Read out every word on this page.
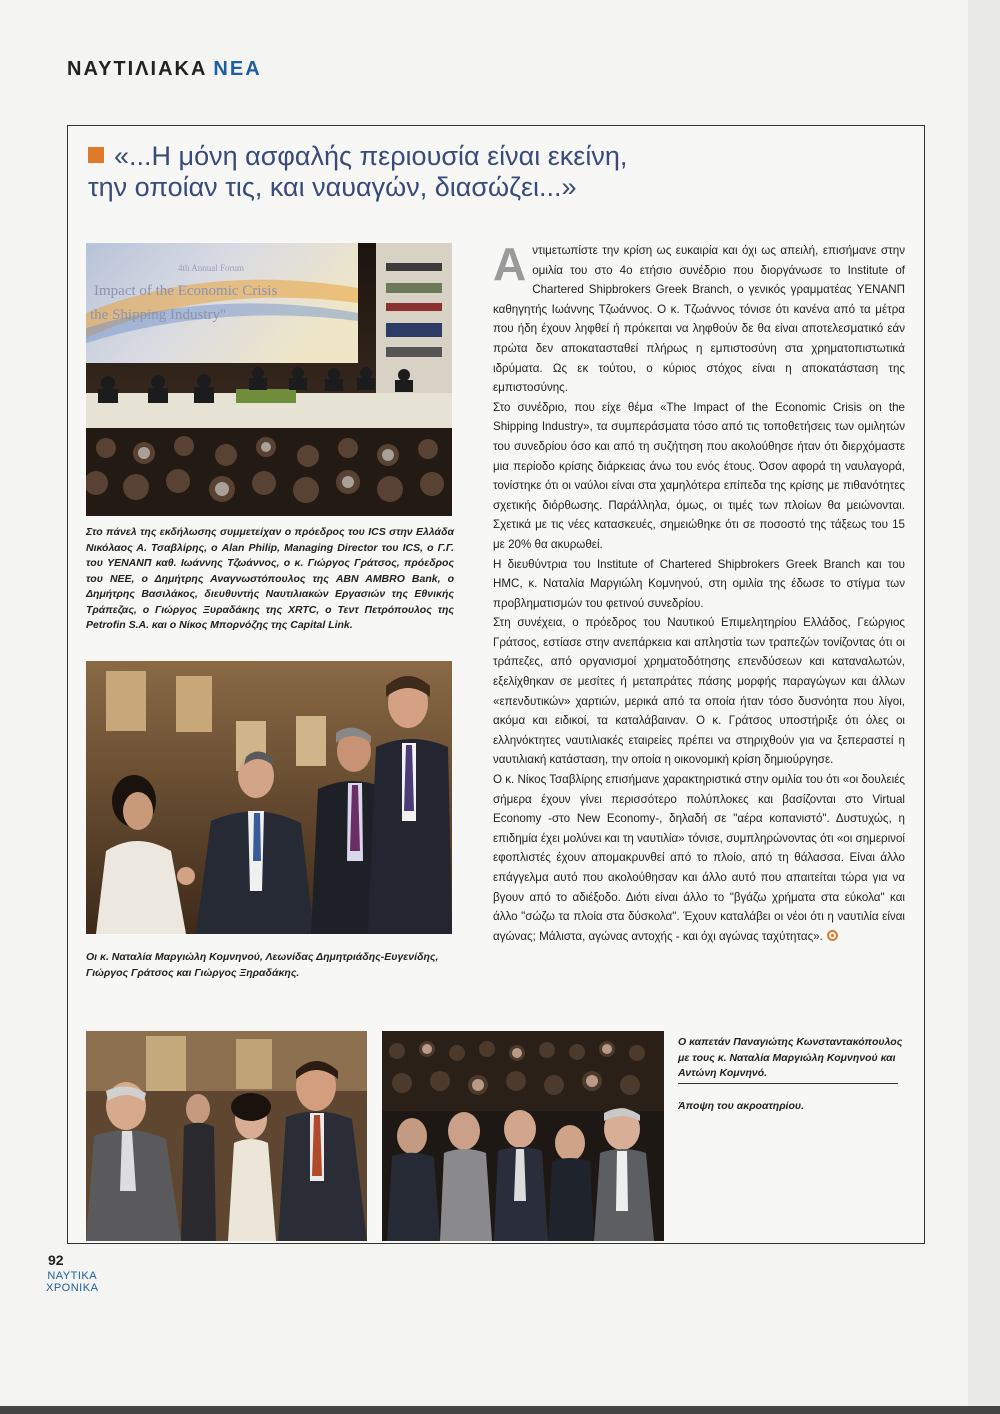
ΝΑΥΤΙΛΙΑΚΑ ΝΕΑ
«...Η μόνη ασφαλής περιουσία είναι εκείνη,
την οποίαν τις, και ναυαγών, διασώζει...»
4th Annual Forum
Impact of the Economic Crisis
the Shipping Industry"
Στο πάνελ της εκδήλωσης συμμετείχαν ο πρόεδρος του ICS στην Ελλάδα Νικόλαος Α. Τσαβλίρης, ο Alan Philip, Managing Director του ICS, ο Γ.Γ. του ΥΕΝΑΝΠ καθ. Ιωάννης Τζωάννος, ο κ. Γιώργος Γράτσος, πρόεδρος του ΝΕΕ, ο Δημήτρης Αναγνωστόπουλος της ABN AMBRO Bank, ο Δημήτρης Βασιλάκος, διευθυντής Ναυτιλιακών Εργασιών της Εθνικής Τράπεζας, ο Γιώργος Ξυραδάκης της XRTC, ο Τεντ Πετρόπουλος της Petrofin S.A. και ο Νίκος Μπορνόζης της Capital Link.
Οι κ. Ναταλία Μαργιώλη Κομνηνού, Λεωνίδας Δημητριάδης-Ευγενίδης, Γιώργος Γράτσος και Γιώργος Ξηραδάκης.

Αντιμετωπίστε την κρίση ως ευκαιρία και όχι ως απειλή, επισήμανε στην ομιλία του στο 4ο ετήσιο συνέδριο που διοργάνωσε το Institute of Chartered Shipbrokers Greek Branch, ο γενικός γραμματέας ΥΕΝΑΝΠ καθηγητής Ιωάννης Τζωάννος. Ο κ. Τζωάννος τόνισε ότι κανένα από τα μέτρα που ήδη έχουν ληφθεί ή πρόκειται να ληφθούν δε θα είναι αποτελεσματικό εάν πρώτα δεν αποκατασταθεί πλήρως η εμπιστοσύνη στα χρηματοπιστωτικά ιδρύματα. Ως εκ τούτου, ο κύριος στόχος είναι η αποκατάσταση της εμπιστοσύνης.

Στο συνέδριο, που είχε θέμα «The Impact of the Economic Crisis on the Shipping Industry», τα συμπεράσματα τόσο από τις τοποθετήσεις των ομιλητών του συνεδρίου όσο και από τη συζήτηση που ακολούθησε ήταν ότι διερχόμαστε μια περίοδο κρίσης διάρκειας άνω του ενός έτους. Όσον αφορά τη ναυλαγορά, τονίστηκε ότι οι ναύλοι είναι στα χαμηλότερα επίπεδα της κρίσης με πιθανότητες σχετικής διόρθωσης. Παράλληλα, όμως, οι τιμές των πλοίων θα μειώνονται. Σχετικά με τις νέες κατασκευές, σημειώθηκε ότι σε ποσοστό της τάξεως του 15 με 20% θα ακυρωθεί.

Η διευθύντρια του Institute of Chartered Shipbrokers Greek Branch και του HMC, κ. Ναταλία Μαργιώλη Κομνηνού, στη ομιλία της έδωσε το στίγμα των προβληματισμών του φετινού συνεδρίου.

Στη συνέχεια, ο πρόεδρος του Ναυτικού Επιμελητηρίου Ελλάδος, Γεώργιος Γράτσος, εστίασε στην ανεπάρκεια και απληστία των τραπεζών τονίζοντας ότι οι τράπεζες, από οργανισμοί χρηματοδότησης επενδύσεων και καταναλωτών, εξελίχθηκαν σε μεσίτες ή μεταπράτες πάσης μορφής παραγώγων και άλλων «επενδυτικών» χαρτιών, μερικά από τα οποία ήταν τόσο δυσνόητα που λίγοι, ακόμα και ειδικοί, τα καταλάβαιναν. Ο κ. Γράτσος υποστήριξε ότι όλες οι ελληνόκτητες ναυτιλιακές εταιρείες πρέπει να στηριχθούν για να ξεπεραστεί η ναυτιλιακή κατάσταση, την οποία η οικονομική κρίση δημιούργησε.

Ο κ. Νίκος Τσαβλίρης επισήμανε χαρακτηριστικά στην ομιλία του ότι «οι δουλειές σήμερα έχουν γίνει περισσότερο πολύπλοκες και βασίζονται στο Virtual Economy -στο New Economy-, δηλαδή σε "αέρα κοπανιστό". Δυστυχώς, η επιδημία έχει μολύνει και τη ναυτιλία» τόνισε, συμπληρώνοντας ότι «οι σημερινοί εφοπλιστές έχουν απομακρυνθεί από το πλοίο, από τη θάλασσα. Είναι άλλο επάγγελμα αυτό που ακολούθησαν και άλλο αυτό που απαιτείται τώρα για να βγουν από το αδιέξοδο. Διότι είναι άλλο το "βγάζω χρήματα στα εύκολα" και άλλο "σώζω τα πλοία στα δύσκολα". Έχουν καταλάβει οι νέοι ότι η ναυτιλία είναι αγώνας; Μάλιστα, αγώνας αντοχής - και όχι αγώνας ταχύτητας».

Ο καπετάν Παναγιώτης Κωνσταντακόπουλος με τους κ. Ναταλία Μαργιώλη Κομνηνού και Αντώνη Κομνηνό.
Άποψη του ακροατηρίου.
92
ΝΑΥΤΙΚΑ
ΧΡΟΝΙΚΑ
